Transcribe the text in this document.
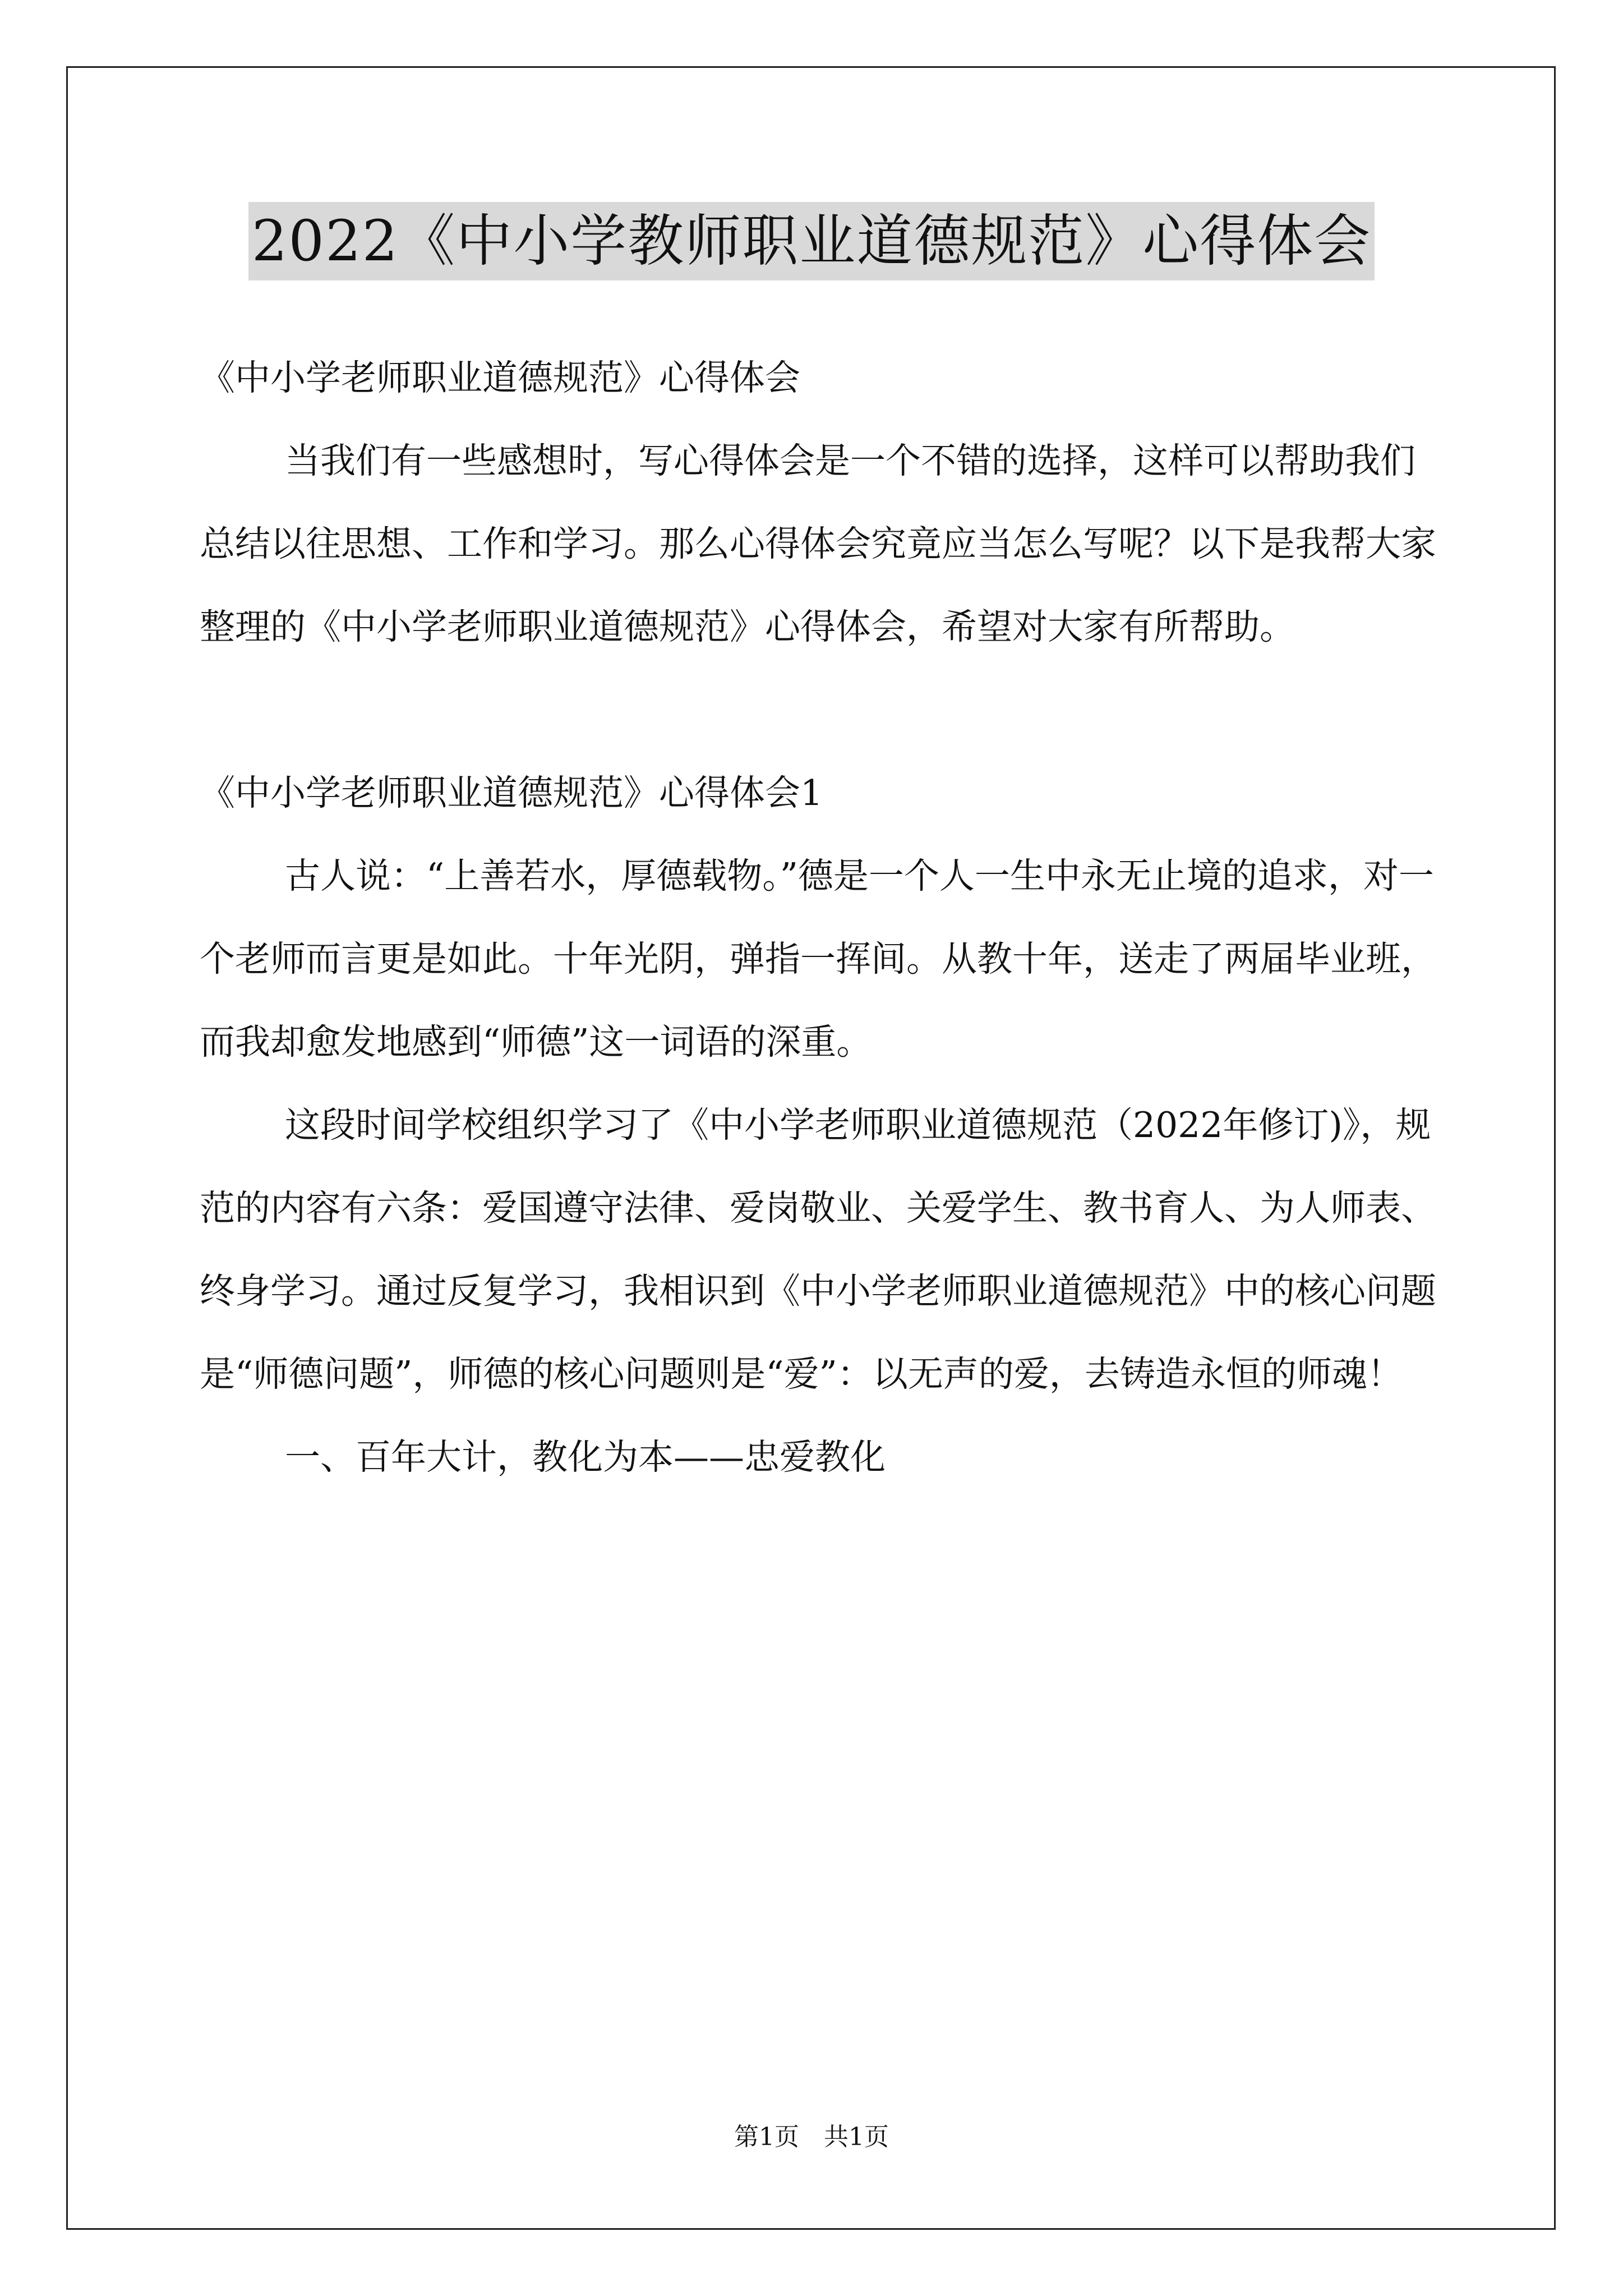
2022《中小学教师职业道德规范》心得体会

《中小学老师职业道德规范》心得体会

当我们有一些感想时，写心得体会是一个不错的选择，这样可以帮助我们总结以往思想、工作和学习。那么心得体会究竟应当怎么写呢？以下是我帮大家整理的《中小学老师职业道德规范》心得体会，希望对大家有所帮助。

《中小学老师职业道德规范》心得体会1

古人说：“上善若水，厚德载物。”德是一个人一生中永无止境的追求，对一个老师而言更是如此。十年光阴，弹指一挥间。从教十年，送走了两届毕业班，而我却愈发地感到“师德”这一词语的深重。

这段时间学校组织学习了《中小学老师职业道德规范（2022年修订)》，规范的内容有六条：爱国遵守法律、爱岗敬业、关爱学生、教书育人、为人师表、终身学习。通过反复学习，我相识到《中小学老师职业道德规范》中的核心问题是“师德问题”，师德的核心问题则是“爱”：以无声的爱，去铸造永恒的师魂！

一、百年大计，教化为本——忠爱教化

第1页　共1页
